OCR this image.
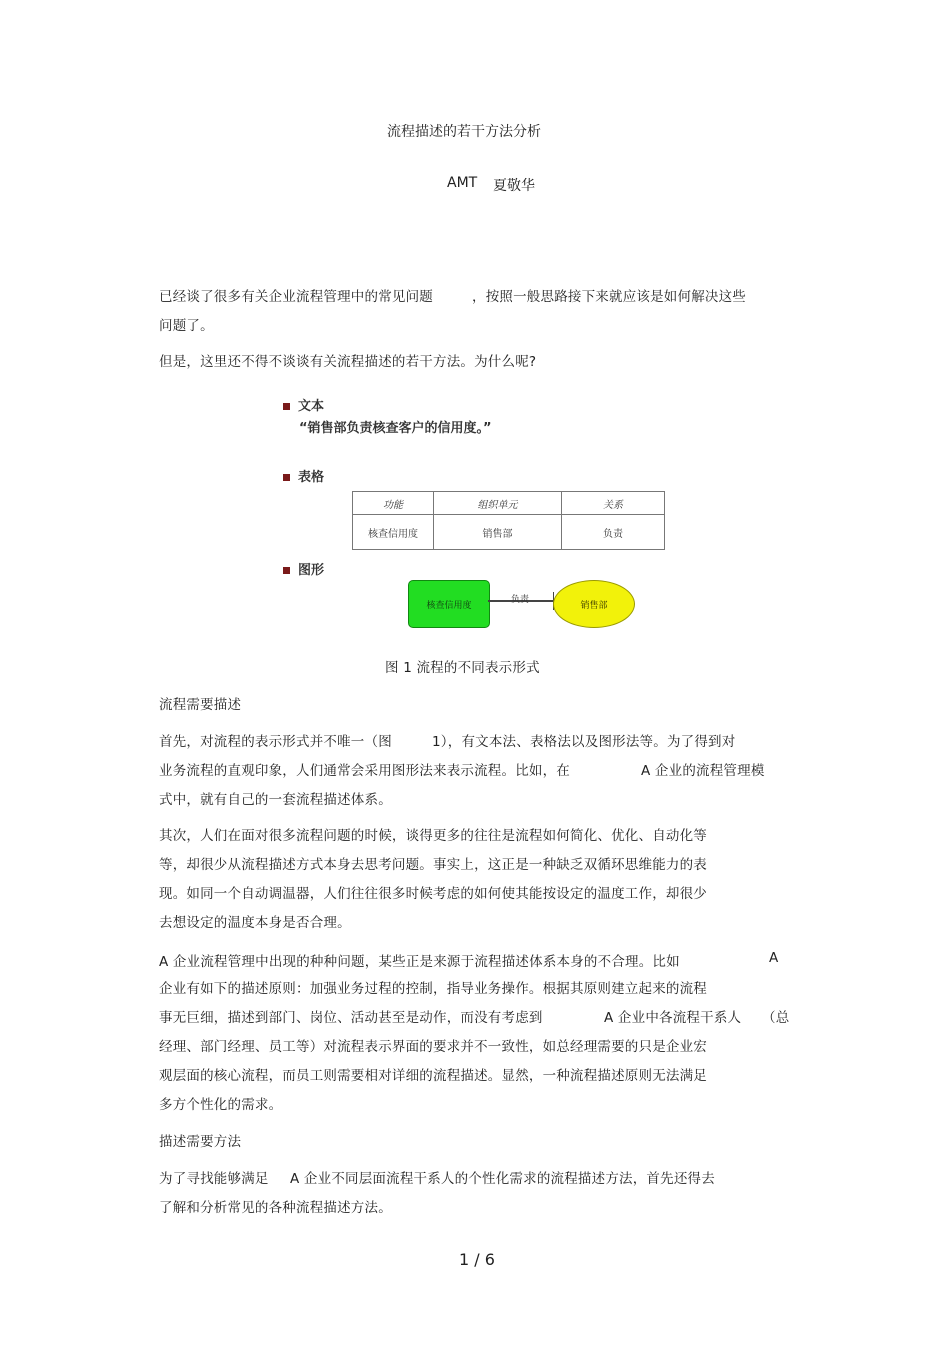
流程描述的若干方法分析
AMT 夏敬华
已经谈了很多有关企业流程管理中的常见问题	，按照一般思路接下来就应该是如何解决这些
问题了。
但是，这里还不得不谈谈有关流程描述的若干方法。为什么呢?
文本
“销售部负责核查客户的信用度。”
表格
功能	组织单元	关系
核查信用度	销售部	负责
图形
核查信用度
负责
销售部
图 1 流程的不同表示形式
流程需要描述
首先，对流程的表示形式并不唯一（图	1），有文本法、表格法以及图形法等。为了得到对
业务流程的直观印象，人们通常会采用图形法来表示流程。比如，在	A 企业的流程管理模
式中，就有自己的一套流程描述体系。
其次，人们在面对很多流程问题的时候，谈得更多的往往是流程如何简化、优化、自动化等
等，却很少从流程描述方式本身去思考问题。事实上，这正是一种缺乏双循环思维能力的表
现。如同一个自动调温器，人们往往很多时候考虑的如何使其能按设定的温度工作，却很少
去想设定的温度本身是否合理。
A 企业流程管理中出现的种种问题，某些正是来源于流程描述体系本身的不合理。比如	A
企业有如下的描述原则：加强业务过程的控制，指导业务操作。根据其原则建立起来的流程
事无巨细，描述到部门、岗位、活动甚至是动作，而没有考虑到	A 企业中各流程干系人 （总
经理、部门经理、员工等）对流程表示界面的要求并不一致性，如总经理需要的只是企业宏
观层面的核心流程，而员工则需要相对详细的流程描述。显然，一种流程描述原则无法满足
多方个性化的需求。
描述需要方法
为了寻找能够满足 A 企业不同层面流程干系人的个性化需求的流程描述方法，首先还得去
了解和分析常见的各种流程描述方法。
1 / 6
